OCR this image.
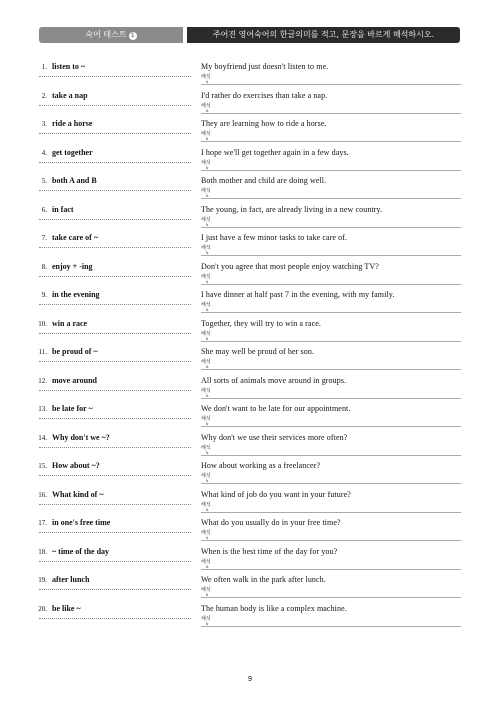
숙어 테스트 1	주어진 영어숙어의 한글의미를 적고, 문장을 바르게 해석하시오.
1. listen to ~	My boyfriend just doesn't listen to me.
해석
↳
2. take a nap	I'd rather do exercises than take a nap.
해석
↳
3. ride a horse	They are learning how to ride a horse.
해석
↳
4. get together	I hope we'll get together again in a few days.
해석
↳
5. both A and B	Both mother and child are doing well.
해석
↳
6. in fact	The young, in fact, are already living in a new country.
해석
↳
7. take care of ~	I just have a few minor tasks to take care of.
해석
↳
8. enjoy + -ing	Don't you agree that most people enjoy watching TV?
해석
↳
9. in the evening	I have dinner at half past 7 in the evening, with my family.
해석
↳
10. win a race	Together, they will try to win a race.
해석
↳
11. be proud of ~	She may well be proud of her son.
해석
↳
12. move around	All sorts of animals move around in groups.
해석
↳
13. be late for ~	We don't want to be late for our appointment.
해석
↳
14. Why don't we ~?	Why don't we use their services more often?
해석
↳
15. How about ~?	How about working as a freelancer?
해석
↳
16. What kind of ~	What kind of job do you want in your future?
해석
↳
17. in one's free time	What do you usually do in your free time?
해석
↳
18. ~ time of the day	When is the best time of the day for you?
해석
↳
19. after lunch	We often walk in the park after lunch.
해석
↳
20. be like ~	The human body is like a complex machine.
해석
↳
9
